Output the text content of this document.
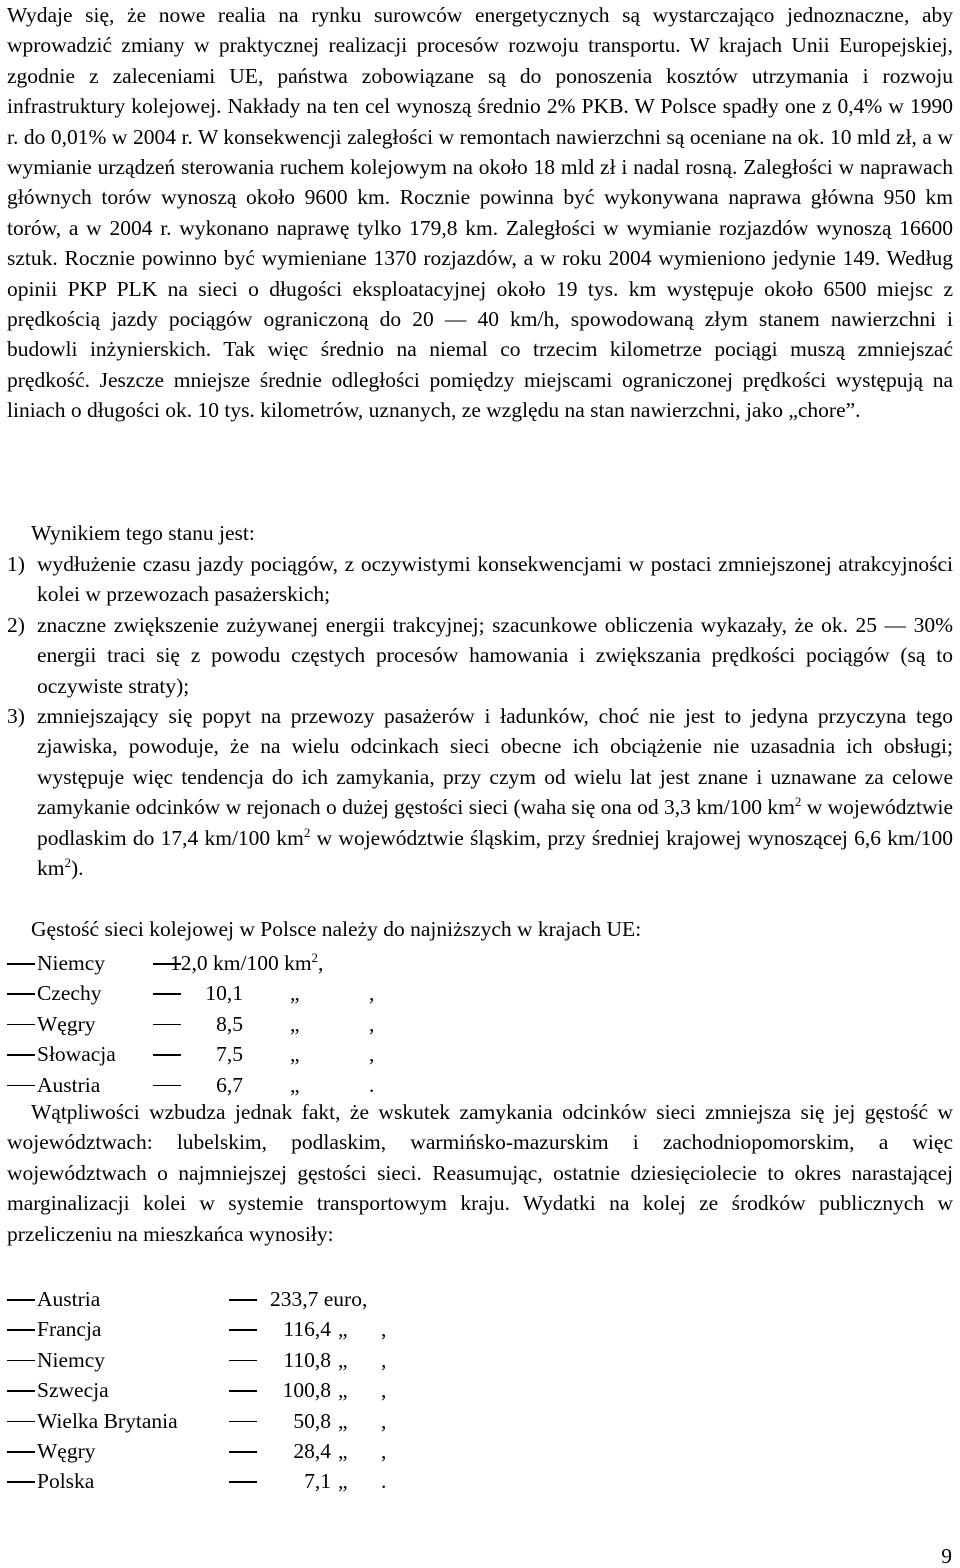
Wydaje się, że nowe realia na rynku surowców energetycznych są wystarczająco jednoznaczne, aby wprowadzić zmiany w praktycznej realizacji procesów rozwoju transportu. W krajach Unii Europejskiej, zgodnie z zaleceniami UE, państwa zobowiązane są do ponoszenia kosztów utrzymania i rozwoju infrastruktury kolejowej. Nakłady na ten cel wynoszą średnio 2% PKB. W Polsce spadły one z 0,4% w 1990 r. do 0,01% w 2004 r. W konsekwencji zaległości w remontach nawierzchni są oceniane na ok. 10 mld zł, a w wymianie urządzeń sterowania ruchem kolejowym na około 18 mld zł i nadal rosną. Zaległości w naprawach głównych torów wynoszą około 9600 km. Rocznie powinna być wykonywana naprawa główna 950 km torów, a w 2004 r. wykonano naprawę tylko 179,8 km. Zaległości w wymianie rozjazdów wynoszą 16600 sztuk. Rocznie powinno być wymieniane 1370 rozjazdów, a w roku 2004 wymieniono jedynie 149. Według opinii PKP PLK na sieci o długości eksploatacyjnej około 19 tys. km występuje około 6500 miejsc z prędkością jazdy pociągów ograniczoną do 20 — 40 km/h, spowodowaną złym stanem nawierzchni i budowli inżynierskich. Tak więc średnio na niemal co trzecim kilometrze pociągi muszą zmniejszać prędkość. Jeszcze mniejsze średnie odległości pomiędzy miejscami ograniczonej prędkości występują na liniach o długości ok. 10 tys. kilometrów, uznanych, ze względu na stan nawierzchni, jako „chore”.

Wynikiem tego stanu jest:

1) wydłużenie czasu jazdy pociągów, z oczywistymi konsekwencjami w postaci zmniejszonej atrakcyjności kolei w przewozach pasażerskich;
2) znaczne zwiększenie zużywanej energii trakcyjnej; szacunkowe obliczenia wykazały, że ok. 25 — 30% energii traci się z powodu częstych procesów hamowania i zwiększania prędkości pociągów (są to oczywiste straty);
3) zmniejszający się popyt na przewozy pasażerów i ładunków, choć nie jest to jedyna przyczyna tego zjawiska, powoduje, że na wielu odcinkach sieci obecne ich obciążenie nie uzasadnia ich obsługi; występuje więc tendencja do ich zamykania, przy czym od wielu lat jest znane i uznawane za celowe zamykanie odcinków w rejonach o dużej gęstości sieci (waha się ona od 3,3 km/100 $km^2$ w województwie podlaskim do 17,4 km/100 $km^2$ w województwie śląskim, przy średniej krajowej wynoszącej 6,6 km/100 $km^2$).

Gęstość sieci kolejowej w Polsce należy do najniższych w krajach UE:

Niemcy	12,0 km/100 $km^2$,
Czechy	10,1 „	,
Węgry	8,5 „	,
Słowacja	7,5 „	,
Austria	6,7 „	.

Wątpliwości wzbudza jednak fakt, że wskutek zamykania odcinków sieci zmniejsza się jej gęstość w województwach: lubelskim, podlaskim, warmińsko-mazurskim i zachodniopomorskim, a więc województwach o najmniejszej gęstości sieci. Reasumując, ostatnie dziesięciolecie to okres narastającej marginalizacji kolei w systemie transportowym kraju. Wydatki na kolej ze środków publicznych w przeliczeniu na mieszkańca wynosiły:

Austria	233,7 euro,
Francja	116,4 „ ,
Niemcy	110,8 „ ,
Szwecja	100,8 „ ,
Wielka Brytania	50,8 „ ,
Węgry	28,4 „ ,
Polska	7,1 „ .
9
